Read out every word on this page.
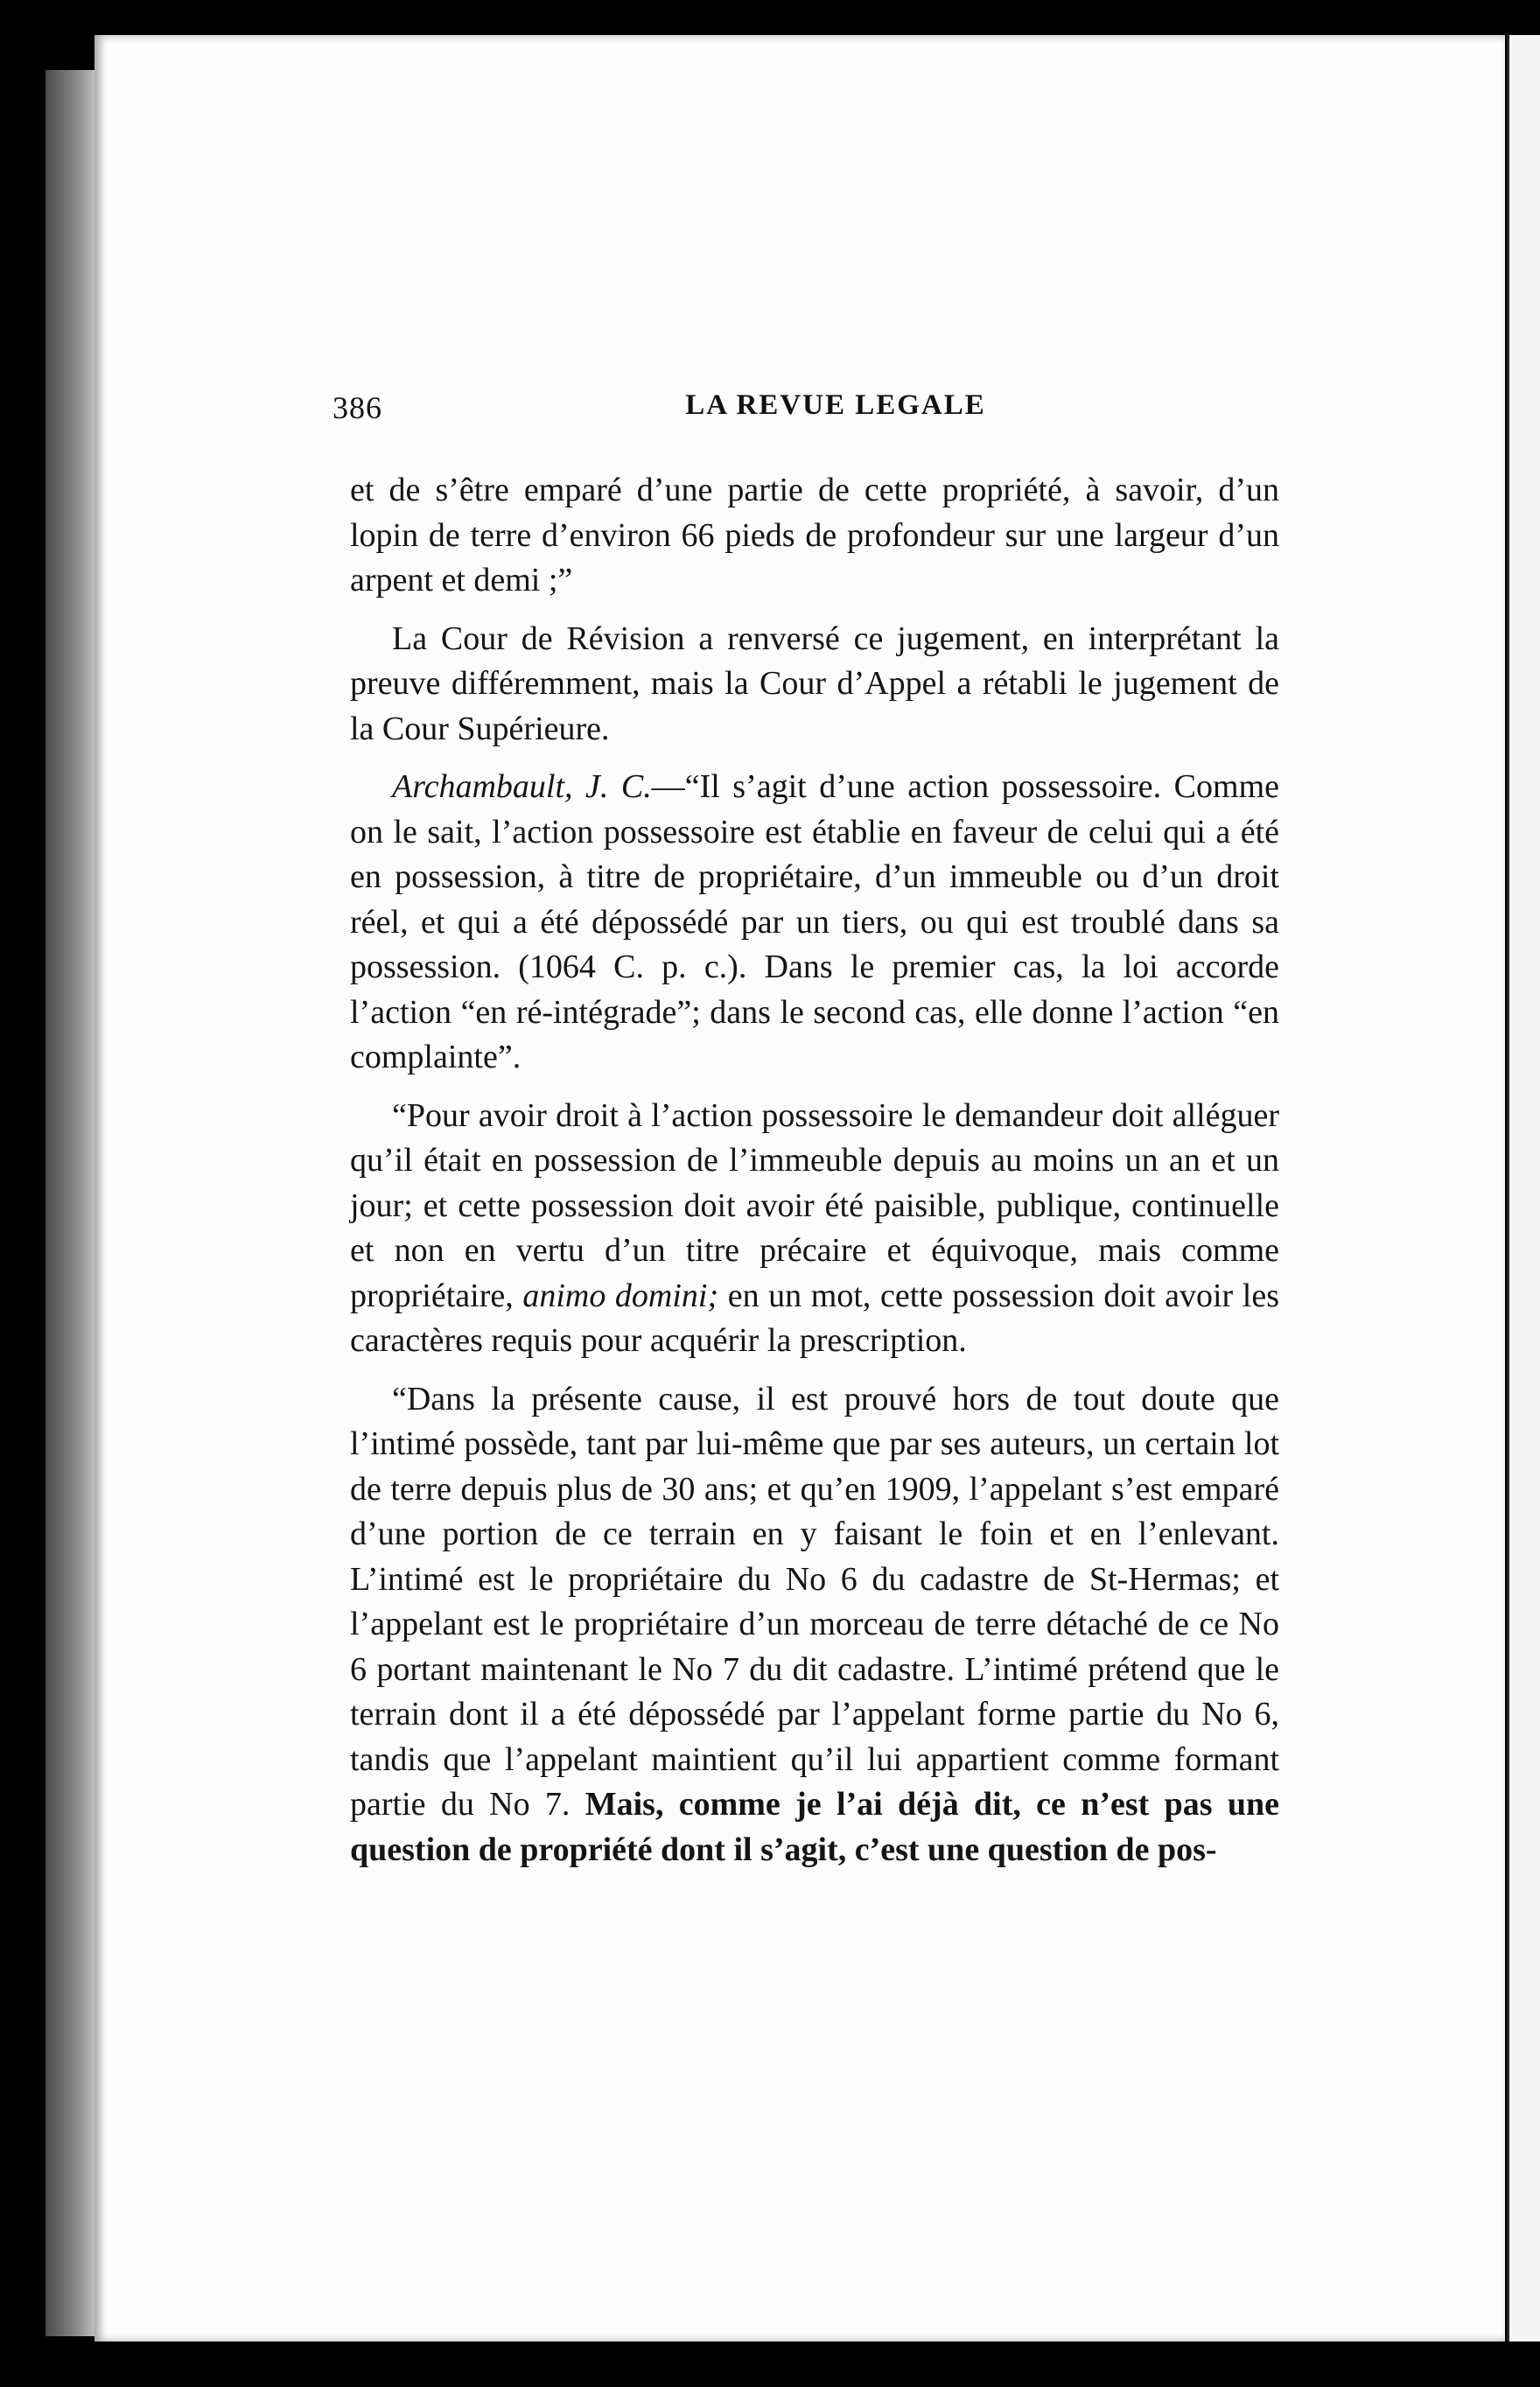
386	LA REVUE LEGALE

et de s’être emparé d’une partie de cette propriété, à savoir, d’un lopin de terre d’environ 66 pieds de profondeur sur une largeur d’un arpent et demi ;”

La Cour de Révision a renversé ce jugement, en interprétant la preuve différemment, mais la Cour d’Appel a rétabli le jugement de la Cour Supérieure.

Archambault, J. C.—“Il s’agit d’une action possessoire. Comme on le sait, l’action possessoire est établie en faveur de celui qui a été en possession, à titre de propriétaire, d’un immeuble ou d’un droit réel, et qui a été dépossédé par un tiers, ou qui est troublé dans sa possession. (1064 C. p. c.). Dans le premier cas, la loi accorde l’action “en ré-intégrade”; dans le second cas, elle donne l’action “en complainte”.

“Pour avoir droit à l’action possessoire le demandeur doit alléguer qu’il était en possession de l’immeuble depuis au moins un an et un jour; et cette possession doit avoir été paisible, publique, continuelle et non en vertu d’un titre précaire et équivoque, mais comme propriétaire, animo domini; en un mot, cette possession doit avoir les caractères requis pour acquérir la prescription.

“Dans la présente cause, il est prouvé hors de tout doute que l’intimé possède, tant par lui-même que par ses auteurs, un certain lot de terre depuis plus de 30 ans; et qu’en 1909, l’appelant s’est emparé d’une portion de ce terrain en y faisant le foin et en l’enlevant. L’intimé est le propriétaire du No 6 du cadastre de St-Hermas; et l’appelant est le propriétaire d’un morceau de terre détaché de ce No 6 portant maintenant le No 7 du dit cadastre. L’intimé prétend que le terrain dont il a été dépossédé par l’appelant forme partie du No 6, tandis que l’appelant maintient qu’il lui appartient comme formant partie du No 7. Mais, comme je l’ai déjà dit, ce n’est pas une question de propriété dont il s’agit, c’est une question de pos-
